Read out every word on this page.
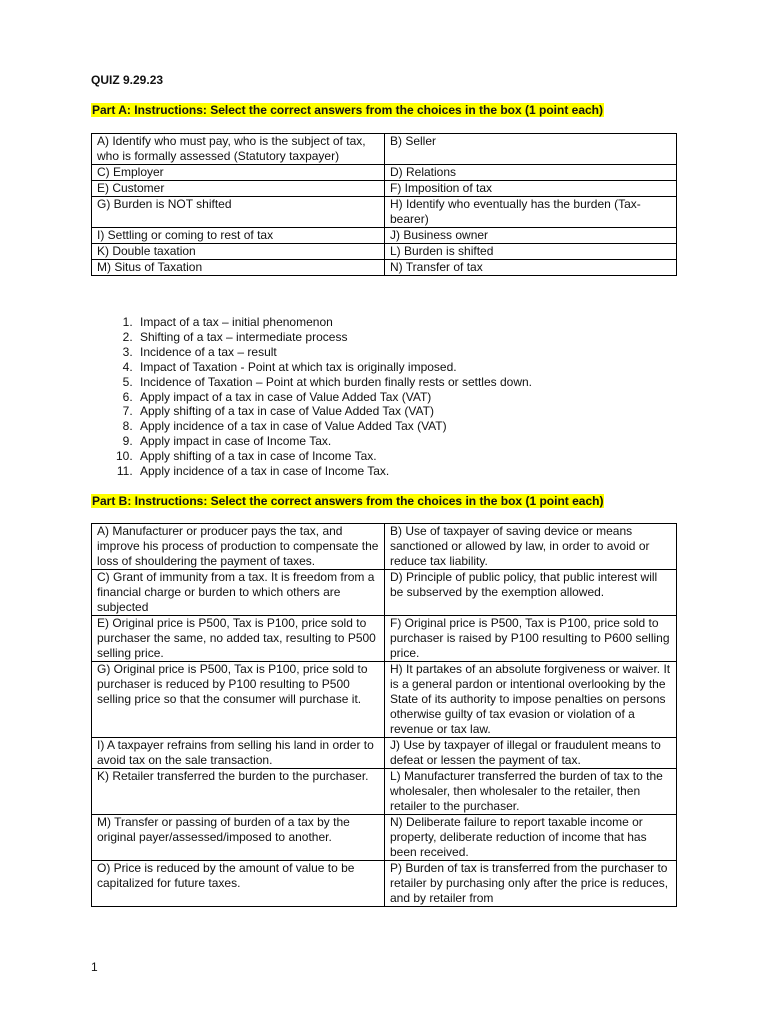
QUIZ 9.29.23
Part A: Instructions: Select the correct answers from the choices in the box (1 point each)
A) Identify who must pay, who is the subject of tax, who is formally assessed (Statutory taxpayer)	B) Seller
C) Employer	D) Relations
E) Customer	F) Imposition of tax
G) Burden is NOT shifted	H) Identify who eventually has the burden (Tax-bearer)
I) Settling or coming to rest of tax	J) Business owner
K) Double taxation	L) Burden is shifted
M) Situs of Taxation	N) Transfer of tax
1. Impact of a tax – initial phenomenon
2. Shifting of a tax – intermediate process
3. Incidence of a tax – result
4. Impact of Taxation - Point at which tax is originally imposed.
5. Incidence of Taxation – Point at which burden finally rests or settles down.
6. Apply impact of a tax in case of Value Added Tax (VAT)
7. Apply shifting of a tax in case of Value Added Tax (VAT)
8. Apply incidence of a tax in case of Value Added Tax (VAT)
9. Apply impact in case of Income Tax.
10. Apply shifting of a tax in case of Income Tax.
11. Apply incidence of a tax in case of Income Tax.
Part B: Instructions: Select the correct answers from the choices in the box (1 point each)
A) Manufacturer or producer pays the tax, and improve his process of production to compensate the loss of shouldering the payment of taxes.	B) Use of taxpayer of saving device or means sanctioned or allowed by law, in order to avoid or reduce tax liability.
C) Grant of immunity from a tax. It is freedom from a financial charge or burden to which others are subjected	D) Principle of public policy, that public interest will be subserved by the exemption allowed.
E) Original price is P500, Tax is P100, price sold to purchaser the same, no added tax, resulting to P500 selling price.	F) Original price is P500, Tax is P100, price sold to purchaser is raised by P100 resulting to P600 selling price.
G) Original price is P500, Tax is P100, price sold to purchaser is reduced by P100 resulting to P500 selling price so that the consumer will purchase it.	H) It partakes of an absolute forgiveness or waiver. It is a general pardon or intentional overlooking by the State of its authority to impose penalties on persons otherwise guilty of tax evasion or violation of a revenue or tax law.
I) A taxpayer refrains from selling his land in order to avoid tax on the sale transaction.	J) Use by taxpayer of illegal or fraudulent means to defeat or lessen the payment of tax.
K) Retailer transferred the burden to the purchaser.	L) Manufacturer transferred the burden of tax to the wholesaler, then wholesaler to the retailer, then retailer to the purchaser.
M) Transfer or passing of burden of a tax by the original payer/assessed/imposed to another.	N) Deliberate failure to report taxable income or property, deliberate reduction of income that has been received.
O) Price is reduced by the amount of value to be capitalized for future taxes.	P) Burden of tax is transferred from the purchaser to retailer by purchasing only after the price is reduces, and by retailer from
1
